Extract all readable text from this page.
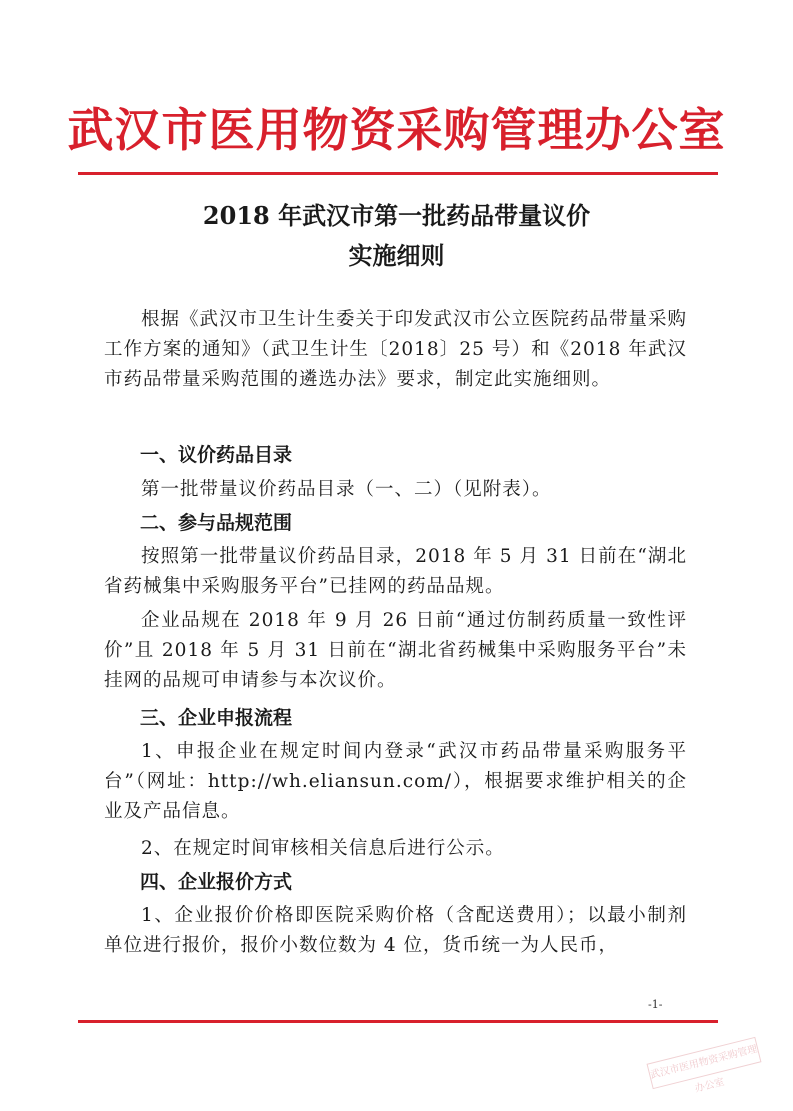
武汉市医用物资采购管理办公室
2018 年武汉市第一批药品带量议价
实施细则
根据《武汉市卫生计生委关于印发武汉市公立医院药品带量采购工作方案的通知》（武卫生计生〔2018〕25 号）和《2018 年武汉市药品带量采购范围的遴选办法》要求，制定此实施细则。
一、议价药品目录
第一批带量议价药品目录（一、二）（见附表）。
二、参与品规范围
按照第一批带量议价药品目录，2018 年 5 月 31 日前在“湖北省药械集中采购服务平台”已挂网的药品品规。
企业品规在 2018 年 9 月 26 日前“通过仿制药质量一致性评价”且 2018 年 5 月 31 日前在“湖北省药械集中采购服务平台”未挂网的品规可申请参与本次议价。
三、企业申报流程
1、申报企业在规定时间内登录“武汉市药品带量采购服务平台”（网址：http://wh.eliansun.com/），根据要求维护相关的企业及产品信息。
2、在规定时间审核相关信息后进行公示。
四、企业报价方式
1、企业报价价格即医院采购价格（含配送费用）；以最小制剂单位进行报价，报价小数位数为 4 位，货币统一为人民币，
-1-
武汉市医用物资采购管理办公室
